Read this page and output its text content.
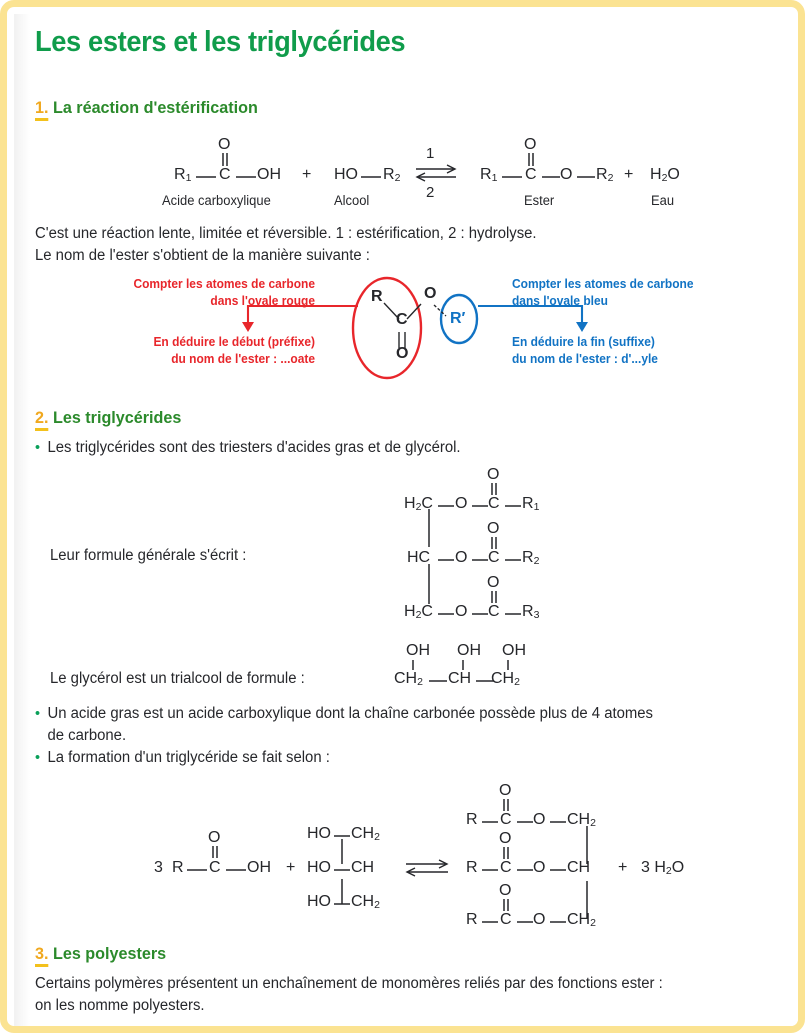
Les esters et les triglycérides
1. La réaction d'estérification
$R_1$ C OH
O
Acide carboxylique
+ HO $R_2$
Alcool
1
2
$R_1$ C O $R_2$
O
Ester
+ $H_2O$
Eau
C'est une réaction lente, limitée et réversible. 1 : estérification, 2 : hydrolyse.
Le nom de l'ester s'obtient de la manière suivante :
Compter les atomes de carbone
dans l'ovale rouge
En déduire le début (préfixe)
du nom de l'ester : ...oate
R
C
O
O
R′
Compter les atomes de carbone
dans l'ovale bleu
En déduire la fin (suffixe)
du nom de l'ester : d'...yle
2. Les triglycérides
• Les triglycérides sont des triesters d'acides gras et de glycérol.
Leur formule générale s'écrit :
$H_2C$ O C $R_1$
O
HC O C $R_2$
O
$H_2C$ O C $R_3$
O
Le glycérol est un trialcool de formule :
OH OH OH
$CH_2$ CH $CH_2$
• Un acide gras est un acide carboxylique dont la chaîne carbonée possède plus de 4 atomes
de carbone.
• La formation d'un triglycéride se fait selon :
3 R C OH
O
+
HO $CH_2$
HO CH
HO $CH_2$
R C O $CH_2$
O
R C O CH
O
R C O $CH_2$
O
+ 3 $H_2O$
3. Les polyesters
Certains polymères présentent un enchaînement de monomères reliés par des fonctions ester :
on les nomme polyesters.
